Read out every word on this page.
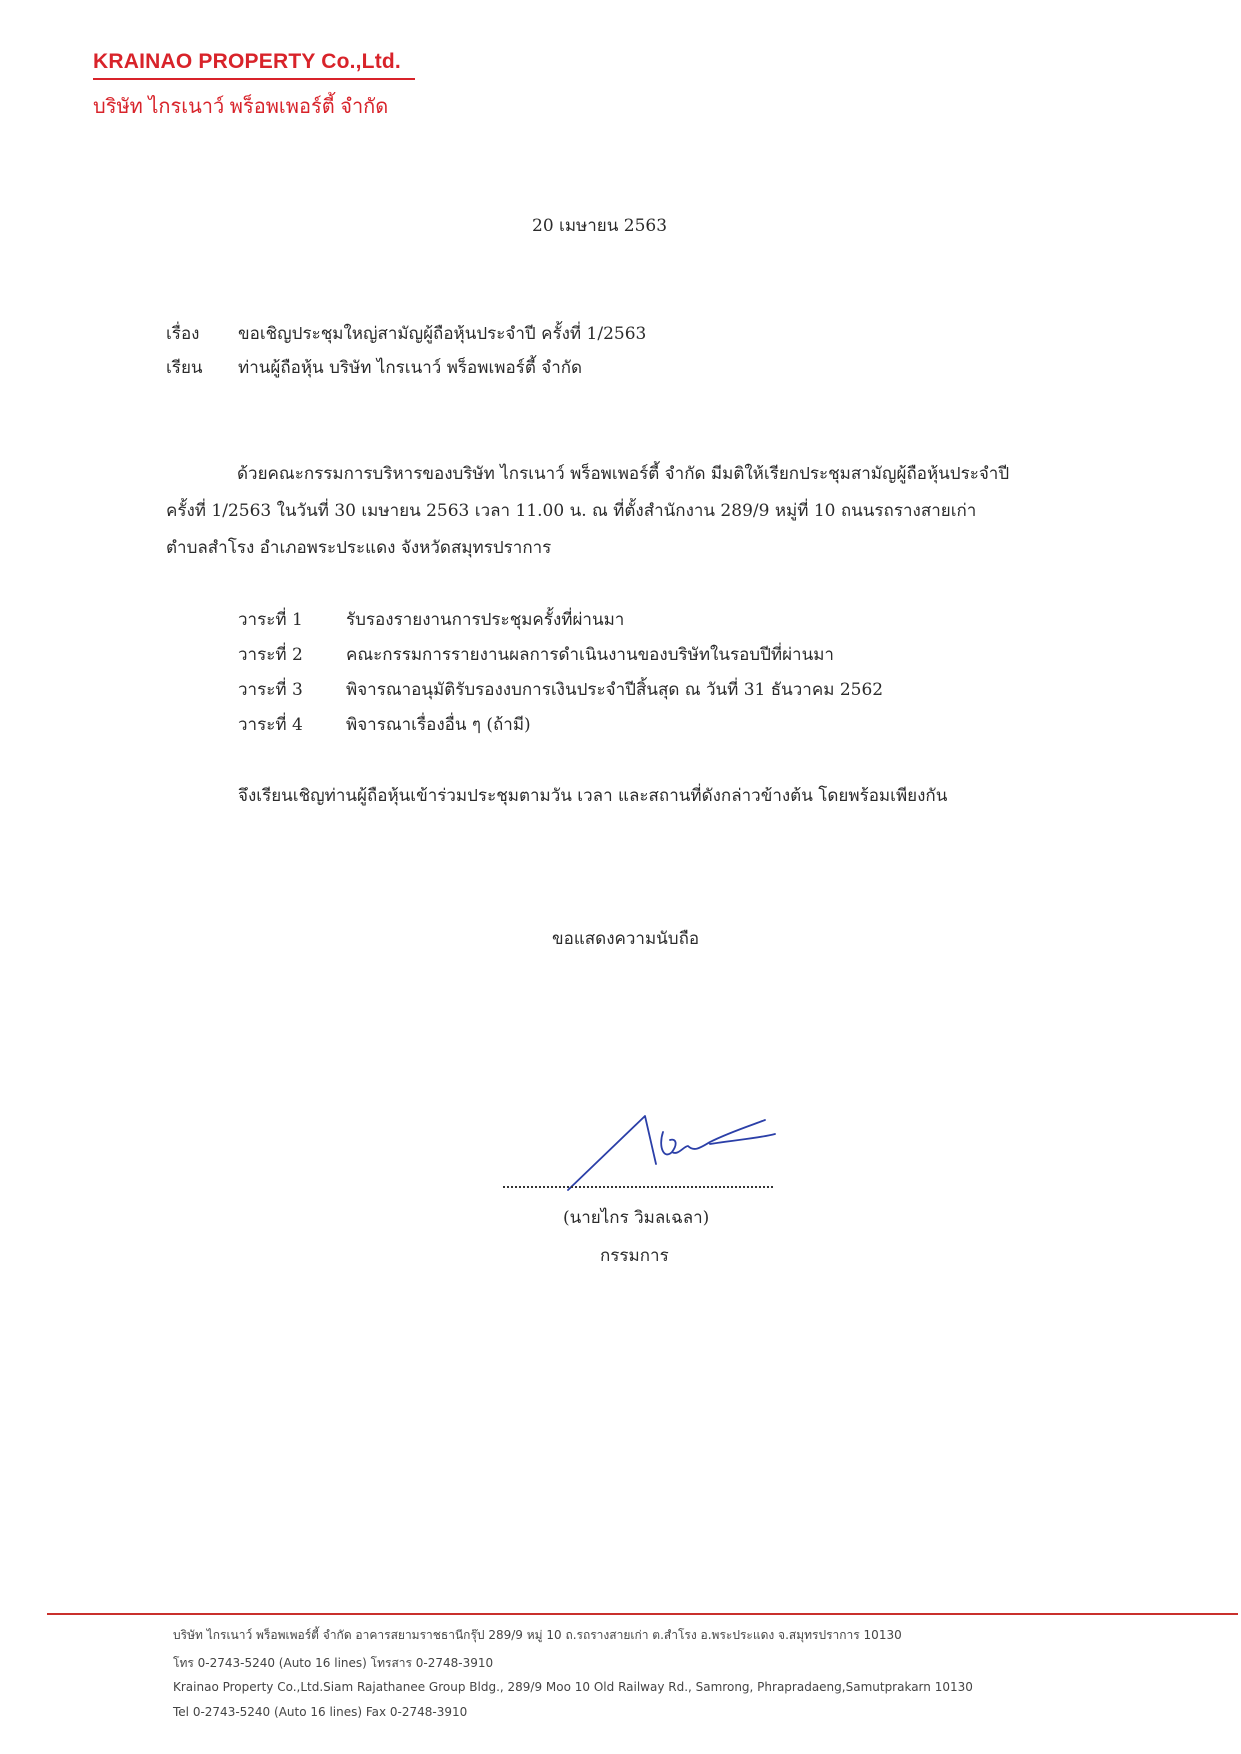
KRAINAO PROPERTY Co.,Ltd.
บริษัท ไกรเนาว์ พร็อพเพอร์ตี้ จำกัด
20 เมษายน 2563
เรื่อง ขอเชิญประชุมใหญ่สามัญผู้ถือหุ้นประจำปี ครั้งที่ 1/2563
เรียน ท่านผู้ถือหุ้น บริษัท ไกรเนาว์ พร็อพเพอร์ตี้ จำกัด
ด้วยคณะกรรมการบริหารของบริษัท ไกรเนาว์ พร็อพเพอร์ตี้ จำกัด มีมติให้เรียกประชุมสามัญผู้ถือหุ้นประจำปี
ครั้งที่ 1/2563 ในวันที่ 30 เมษายน 2563 เวลา 11.00 น. ณ ที่ตั้งสำนักงาน 289/9 หมู่ที่ 10 ถนนรถรางสายเก่า
ตำบลสำโรง อำเภอพระประแดง จังหวัดสมุทรปราการ
วาระที่ 1	รับรองรายงานการประชุมครั้งที่ผ่านมา
วาระที่ 2	คณะกรรมการรายงานผลการดำเนินงานของบริษัทในรอบปีที่ผ่านมา
วาระที่ 3	พิจารณาอนุมัติรับรองงบการเงินประจำปีสิ้นสุด ณ วันที่ 31 ธันวาคม 2562
วาระที่ 4	พิจารณาเรื่องอื่น ๆ (ถ้ามี)
จึงเรียนเชิญท่านผู้ถือหุ้นเข้าร่วมประชุมตามวัน เวลา และสถานที่ดังกล่าวข้างต้น โดยพร้อมเพียงกัน
ขอแสดงความนับถือ
(นายไกร วิมลเฉลา)
กรรมการ
บริษัท ไกรเนาว์ พร็อพเพอร์ตี้ จำกัด อาคารสยามราชธานีกรุ๊ป 289/9 หมู่ 10 ถ.รถรางสายเก่า ต.สำโรง อ.พระประแดง จ.สมุทรปราการ 10130
โทร 0-2743-5240 (Auto 16 lines) โทรสาร 0-2748-3910
Krainao Property Co.,Ltd.Siam Rajathanee Group Bldg., 289/9 Moo 10 Old Railway Rd., Samrong, Phrapradaeng,Samutprakarn 10130
Tel 0-2743-5240 (Auto 16 lines) Fax 0-2748-3910
